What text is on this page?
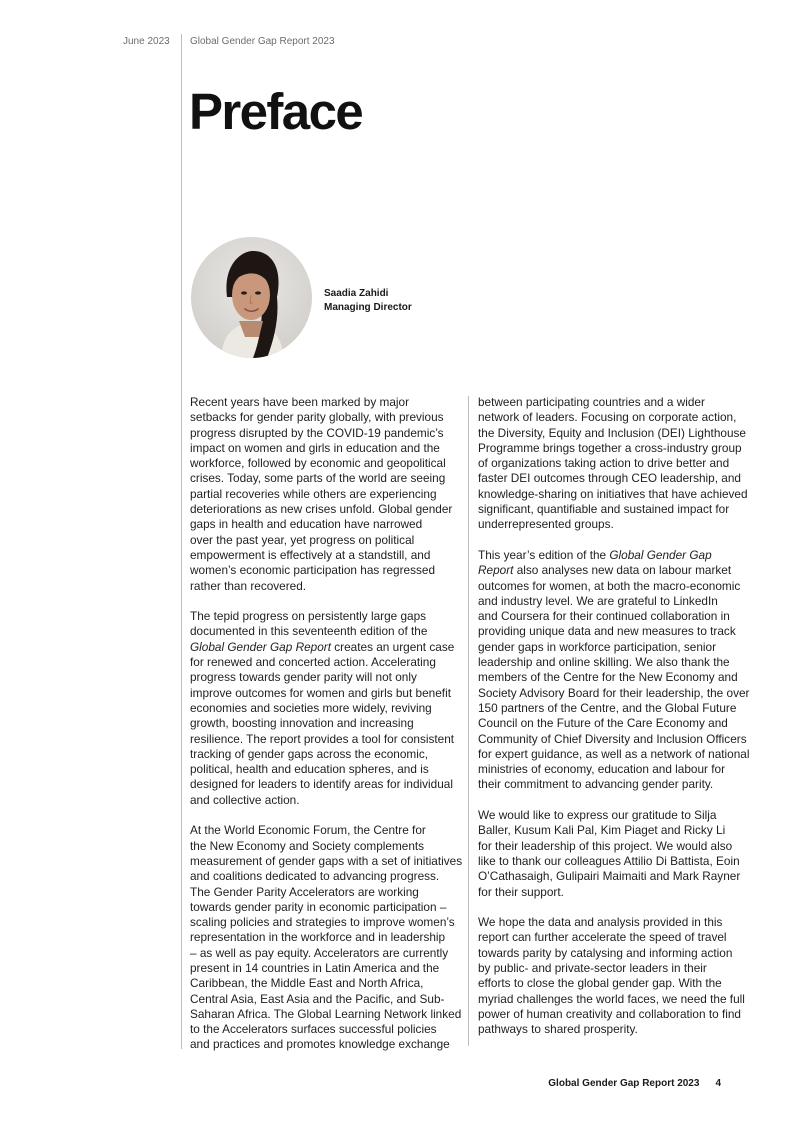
June 2023 Global Gender Gap Report 2023
Preface
Saadia Zahidi
Managing Director

Recent years have been marked by major
setbacks for gender parity globally, with previous
progress disrupted by the COVID-19 pandemic’s
impact on women and girls in education and the
workforce, followed by economic and geopolitical
crises. Today, some parts of the world are seeing
partial recoveries while others are experiencing
deteriorations as new crises unfold. Global gender
gaps in health and education have narrowed
over the past year, yet progress on political
empowerment is effectively at a standstill, and
women’s economic participation has regressed
rather than recovered.

The tepid progress on persistently large gaps
documented in this seventeenth edition of the
Global Gender Gap Report creates an urgent case
for renewed and concerted action. Accelerating
progress towards gender parity will not only
improve outcomes for women and girls but benefit
economies and societies more widely, reviving
growth, boosting innovation and increasing
resilience. The report provides a tool for consistent
tracking of gender gaps across the economic,
political, health and education spheres, and is
designed for leaders to identify areas for individual
and collective action.

At the World Economic Forum, the Centre for
the New Economy and Society complements
measurement of gender gaps with a set of initiatives
and coalitions dedicated to advancing progress.
The Gender Parity Accelerators are working
towards gender parity in economic participation –
scaling policies and strategies to improve women’s
representation in the workforce and in leadership
– as well as pay equity. Accelerators are currently
present in 14 countries in Latin America and the
Caribbean, the Middle East and North Africa,
Central Asia, East Asia and the Pacific, and Sub-
Saharan Africa. The Global Learning Network linked
to the Accelerators surfaces successful policies
and practices and promotes knowledge exchange

between participating countries and a wider
network of leaders. Focusing on corporate action,
the Diversity, Equity and Inclusion (DEI) Lighthouse
Programme brings together a cross-industry group
of organizations taking action to drive better and
faster DEI outcomes through CEO leadership, and
knowledge-sharing on initiatives that have achieved
significant, quantifiable and sustained impact for
underrepresented groups.

This year’s edition of the Global Gender Gap
Report also analyses new data on labour market
outcomes for women, at both the macro-economic
and industry level. We are grateful to LinkedIn
and Coursera for their continued collaboration in
providing unique data and new measures to track
gender gaps in workforce participation, senior
leadership and online skilling. We also thank the
members of the Centre for the New Economy and
Society Advisory Board for their leadership, the over
150 partners of the Centre, and the Global Future
Council on the Future of the Care Economy and
Community of Chief Diversity and Inclusion Officers
for expert guidance, as well as a network of national
ministries of economy, education and labour for
their commitment to advancing gender parity.

We would like to express our gratitude to Silja
Baller, Kusum Kali Pal, Kim Piaget and Ricky Li
for their leadership of this project. We would also
like to thank our colleagues Attilio Di Battista, Eoin
O’Cathasaigh, Gulipairi Maimaiti and Mark Rayner
for their support.

We hope the data and analysis provided in this
report can further accelerate the speed of travel
towards parity by catalysing and informing action
by public- and private-sector leaders in their
efforts to close the global gender gap. With the
myriad challenges the world faces, we need the full
power of human creativity and collaboration to find
pathways to shared prosperity.

Global Gender Gap Report 2023 4
